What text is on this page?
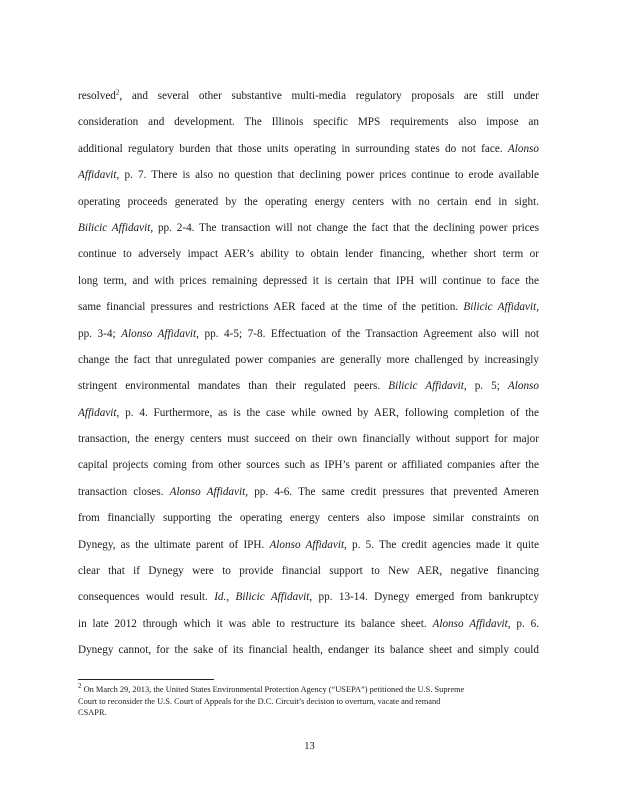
resolved$^2$, and several other substantive multi-media regulatory proposals are still under
consideration and development. The Illinois specific MPS requirements also impose an
additional regulatory burden that those units operating in surrounding states do not face. Alonso
Affidavit, p. 7. There is also no question that declining power prices continue to erode available
operating proceeds generated by the operating energy centers with no certain end in sight.
Bilicic Affidavit, pp. 2-4. The transaction will not change the fact that the declining power prices
continue to adversely impact AER’s ability to obtain lender financing, whether short term or
long term, and with prices remaining depressed it is certain that IPH will continue to face the
same financial pressures and restrictions AER faced at the time of the petition. Bilicic Affidavit,
pp. 3-4; Alonso Affidavit, pp. 4-5; 7-8. Effectuation of the Transaction Agreement also will not
change the fact that unregulated power companies are generally more challenged by increasingly
stringent environmental mandates than their regulated peers. Bilicic Affidavit, p. 5; Alonso
Affidavit, p. 4. Furthermore, as is the case while owned by AER, following completion of the
transaction, the energy centers must succeed on their own financially without support for major
capital projects coming from other sources such as IPH’s parent or affiliated companies after the
transaction closes. Alonso Affidavit, pp. 4-6. The same credit pressures that prevented Ameren
from financially supporting the operating energy centers also impose similar constraints on
Dynegy, as the ultimate parent of IPH. Alonso Affidavit, p. 5. The credit agencies made it quite
clear that if Dynegy were to provide financial support to New AER, negative financing
consequences would result. Id., Bilicic Affidavit, pp. 13-14. Dynegy emerged from bankruptcy
in late 2012 through which it was able to restructure its balance sheet. Alonso Affidavit, p. 6.
Dynegy cannot, for the sake of its financial health, endanger its balance sheet and simply could
$^2$ On March 29, 2013, the United States Environmental Protection Agency (“USEPA”) petitioned the U.S. Supreme
Court to reconsider the U.S. Court of Appeals for the D.C. Circuit’s decision to overturn, vacate and remand
CSAPR.
13
